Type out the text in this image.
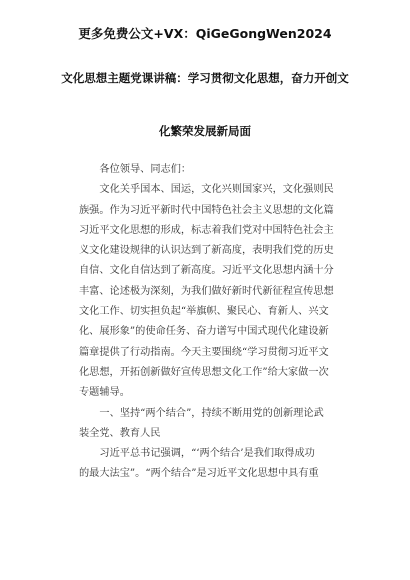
更多免费公文+VX：QiGeGongWen2024
文化思想主题党课讲稿：学习贯彻文化思想，奋力开创文
化繁荣发展新局面

各位领导、同志们：

文化关乎国本、国运，文化兴则国家兴，文化强则民
族强。作为习近平新时代中国特色社会主义思想的文化篇
习近平文化思想的形成，标志着我们党对中国特色社会主
义文化建设规律的认识达到了新高度，表明我们党的历史
自信、文化自信达到了新高度。习近平文化思想内涵十分
丰富、论述极为深刻，为我们做好新时代新征程宣传思想
文化工作、切实担负起“举旗帜、聚民心、育新人、兴文
化、展形象”的使命任务、奋力谱写中国式现代化建设新
篇章提供了行动指南。今天主要围绕“学习贯彻习近平文
化思想，开拓创新做好宣传思想文化工作”给大家做一次
专题辅导。

一、坚持“两个结合”，持续不断用党的创新理论武
装全党、教育人民

习近平总书记强调，“‘两个结合’是我们取得成功
的最大法宝”。“两个结合”是习近平文化思想中具有重
